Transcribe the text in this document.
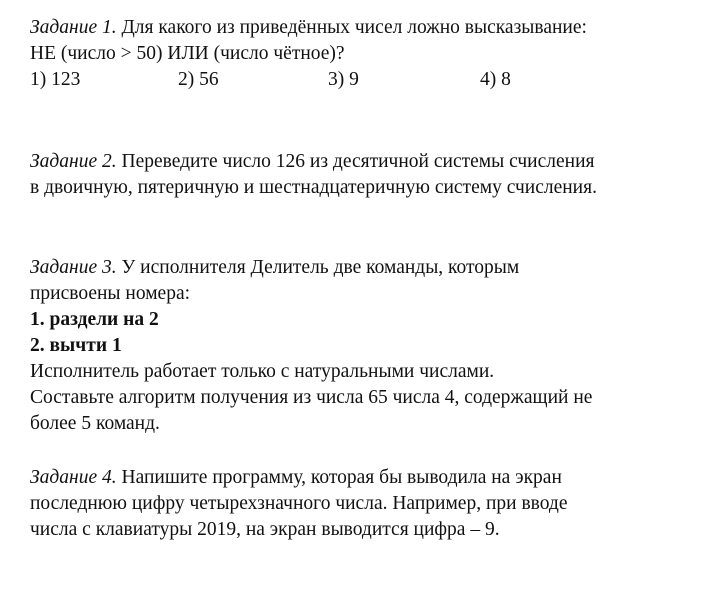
Задание 1. Для какого из приведённых чисел ложно высказывание:
НЕ (число > 50) ИЛИ (число чётное)?
1) 123	2) 56	3) 9	4) 8
Задание 2. Переведите число 126 из десятичной системы счисления
в двоичную, пятеричную и шестнадцатеричную систему счисления.
Задание 3. У исполнителя Делитель две команды, которым
присвоены номера:
1. раздели на 2
2. вычти 1
Исполнитель работает только с натуральными числами.
Составьте алгоритм получения из числа 65 числа 4, содержащий не
более 5 команд.
Задание 4. Напишите программу, которая бы выводила на экран
последнюю цифру четырехзначного числа. Например, при вводе
числа с клавиатуры 2019, на экран выводится цифра – 9.
